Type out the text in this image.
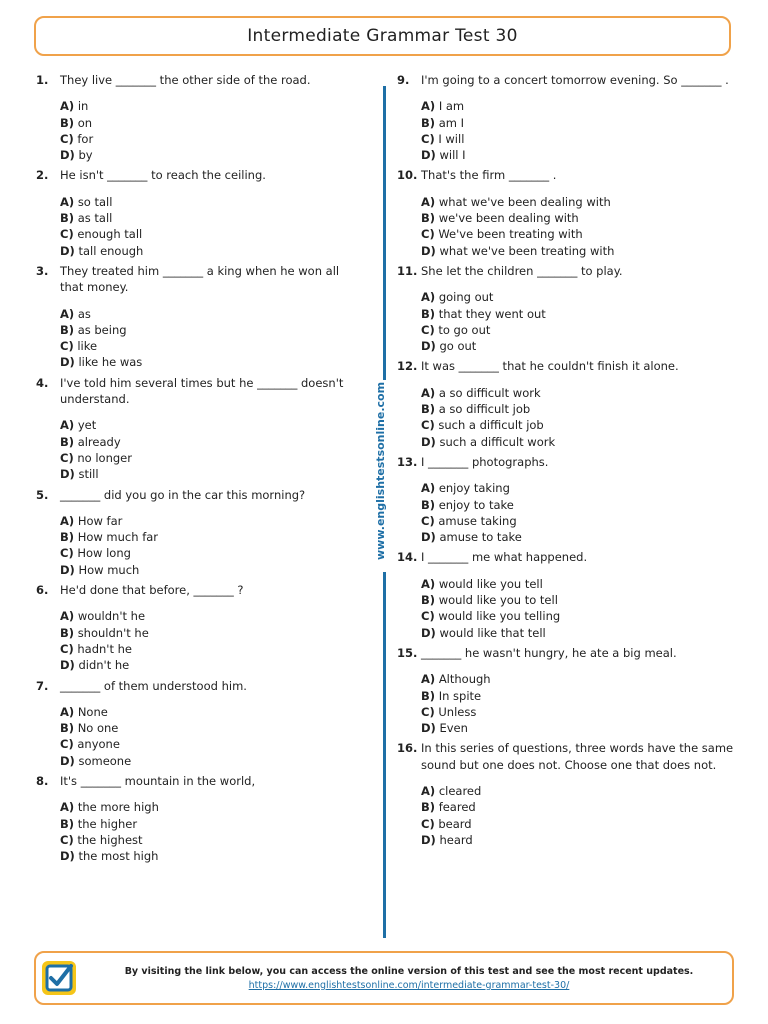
Intermediate Grammar Test 30
1.	They live _______ the other side of the road.
A) in
B) on
C) for
D) by
2.	He isn't _______ to reach the ceiling.
A) so tall
B) as tall
C) enough tall
D) tall enough
3.	They treated him _______ a king when he won all that money.
A) as
B) as being
C) like
D) like he was
4.	I've told him several times but he _______ doesn't understand.
A) yet
B) already
C) no longer
D) still
5.	_______ did you go in the car this morning?
A) How far
B) How much far
C) How long
D) How much
6.	He'd done that before, _______ ?
A) wouldn't he
B) shouldn't he
C) hadn't he
D) didn't he
7.	_______ of them understood him.
A) None
B) No one
C) anyone
D) someone
8.	It's _______ mountain in the world,
A) the more high
B) the higher
C) the highest
D) the most high
9.	I'm going to a concert tomorrow evening. So _______ .
A) I am
B) am I
C) I will
D) will I
10. That's the firm _______ .
A) what we've been dealing with
B) we've been dealing with
C) We've been treating with
D) what we've been treating with
11. She let the children _______ to play.
A) going out
B) that they went out
C) to go out
D) go out
12. It was _______ that he couldn't finish it alone.
A) a so difficult work
B) a so difficult job
C) such a difficult job
D) such a difficult work
13. I _______ photographs.
A) enjoy taking
B) enjoy to take
C) amuse taking
D) amuse to take
14. I _______ me what happened.
A) would like you tell
B) would like you to tell
C) would like you telling
D) would like that tell
15. _______ he wasn't hungry, he ate a big meal.
A) Although
B) In spite
C) Unless
D) Even
16. In this series of questions, three words have the same sound but one does not. Choose one that does not.
A) cleared
B) feared
C) beard
D) heard
www.englishtestsonline.com
By visiting the link below, you can access the online version of this test and see the most recent updates.
https://www.englishtestsonline.com/intermediate-grammar-test-30/
